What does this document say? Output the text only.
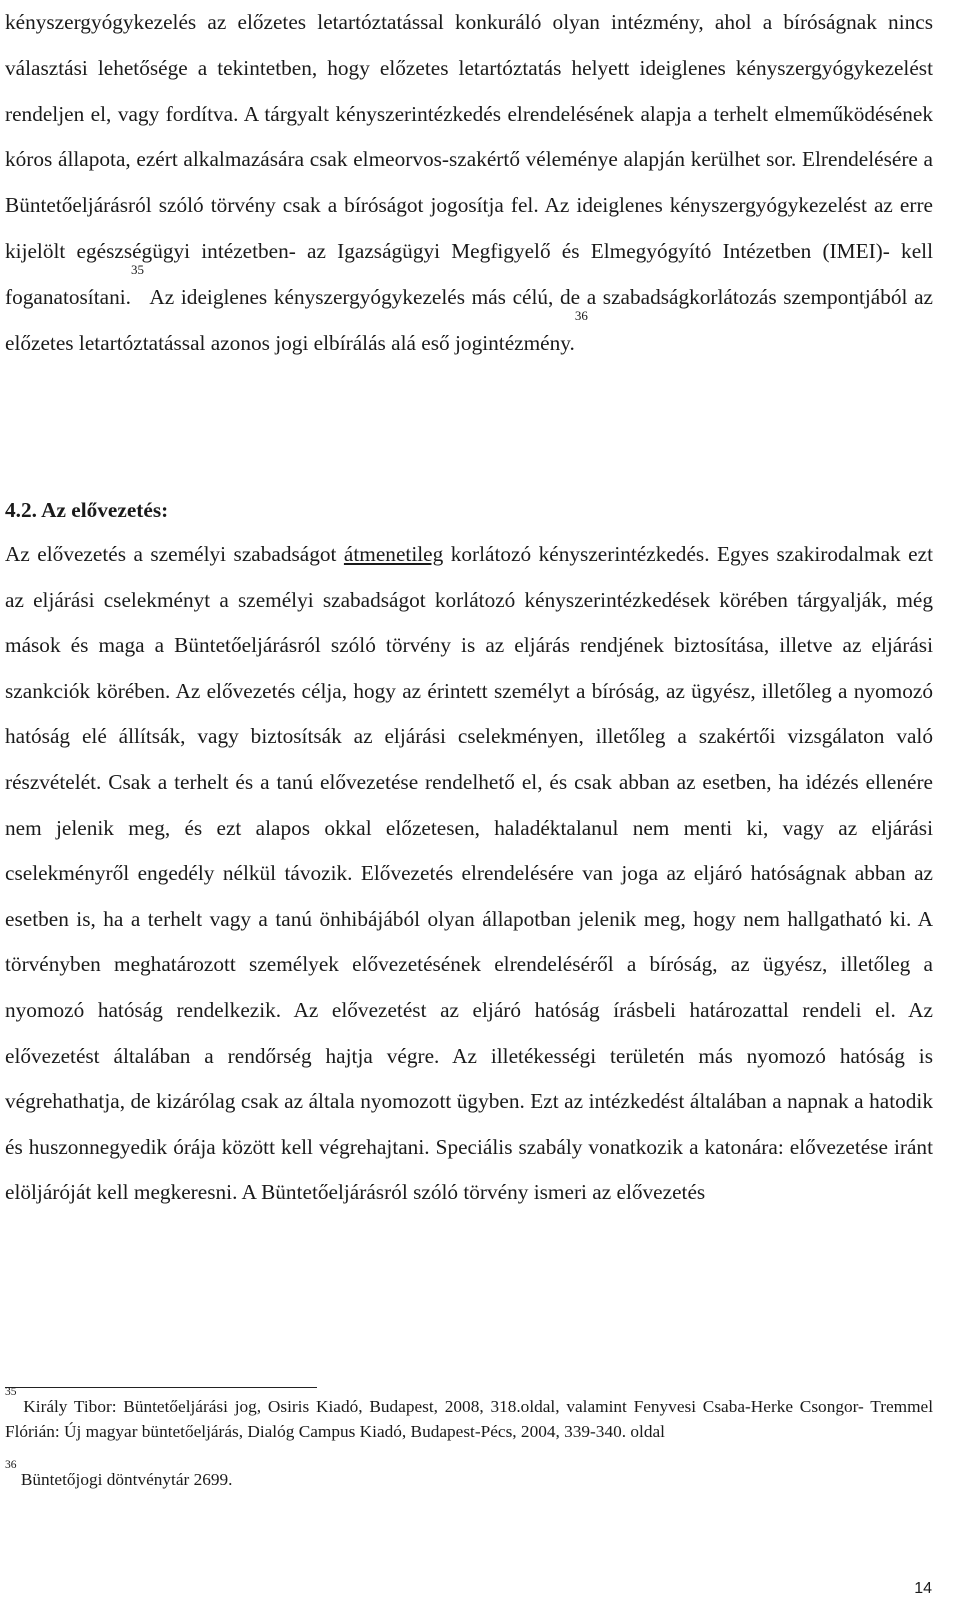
kényszergyógykezelés az előzetes letartóztatással konkuráló olyan intézmény, ahol a bíróságnak nincs választási lehetősége a tekintetben, hogy előzetes letartóztatás helyett ideiglenes kényszergyógykezelést rendeljen el, vagy fordítva. A tárgyalt kényszerintézkedés elrendelésének alapja a terhelt elmeműködésének kóros állapota, ezért alkalmazására csak elmeorvos-szakértő véleménye alapján kerülhet sor. Elrendelésére a Büntetőeljárásról szóló törvény csak a bíróságot jogosítja fel. Az ideiglenes kényszergyógykezelést az erre kijelölt egészségügyi intézetben- az Igazságügyi Megfigyelő és Elmegyógyító Intézetben (IMEI)- kell foganatosítani.$^{35}$ Az ideiglenes kényszergyógykezelés más célú, de a szabadságkorlátozás szempontjából az előzetes letartóztatással azonos jogi elbírálás alá eső jogintézmény.$^{36}$

4.2. Az elővezetés:
Az elővezetés a személyi szabadságot átmenetileg korlátozó kényszerintézkedés. Egyes szakirodalmak ezt az eljárási cselekményt a személyi szabadságot korlátozó kényszerintézkedések körében tárgyalják, még mások és maga a Büntetőeljárásról szóló törvény is az eljárás rendjének biztosítása, illetve az eljárási szankciók körében. Az elővezetés célja, hogy az érintett személyt a bíróság, az ügyész, illetőleg a nyomozó hatóság elé állítsák, vagy biztosítsák az eljárási cselekményen, illetőleg a szakértői vizsgálaton való részvételét. Csak a terhelt és a tanú elővezetése rendelhető el, és csak abban az esetben, ha idézés ellenére nem jelenik meg, és ezt alapos okkal előzetesen, haladéktalanul nem menti ki, vagy az eljárási cselekményről engedély nélkül távozik. Elővezetés elrendelésére van joga az eljáró hatóságnak abban az esetben is, ha a terhelt vagy a tanú önhibájából olyan állapotban jelenik meg, hogy nem hallgatható ki. A törvényben meghatározott személyek elővezetésének elrendeléséről a bíróság, az ügyész, illetőleg a nyomozó hatóság rendelkezik. Az elővezetést az eljáró hatóság írásbeli határozattal rendeli el. Az elővezetést általában a rendőrség hajtja végre. Az illetékességi területén más nyomozó hatóság is végrehathatja, de kizárólag csak az általa nyomozott ügyben. Ezt az intézkedést általában a napnak a hatodik és huszonnegyedik órája között kell végrehajtani. Speciális szabály vonatkozik a katonára: elővezetése iránt elöljáróját kell megkeresni. A Büntetőeljárásról szóló törvény ismeri az elővezetés

$^{35}$ Király Tibor: Büntetőeljárási jog, Osiris Kiadó, Budapest, 2008, 318.oldal, valamint Fenyvesi Csaba-Herke Csongor- Tremmel Flórián: Új magyar büntetőeljárás, Dialóg Campus Kiadó, Budapest-Pécs, 2004, 339-340. oldal

$^{36}$ Büntetőjogi döntvénytár 2699.

14
